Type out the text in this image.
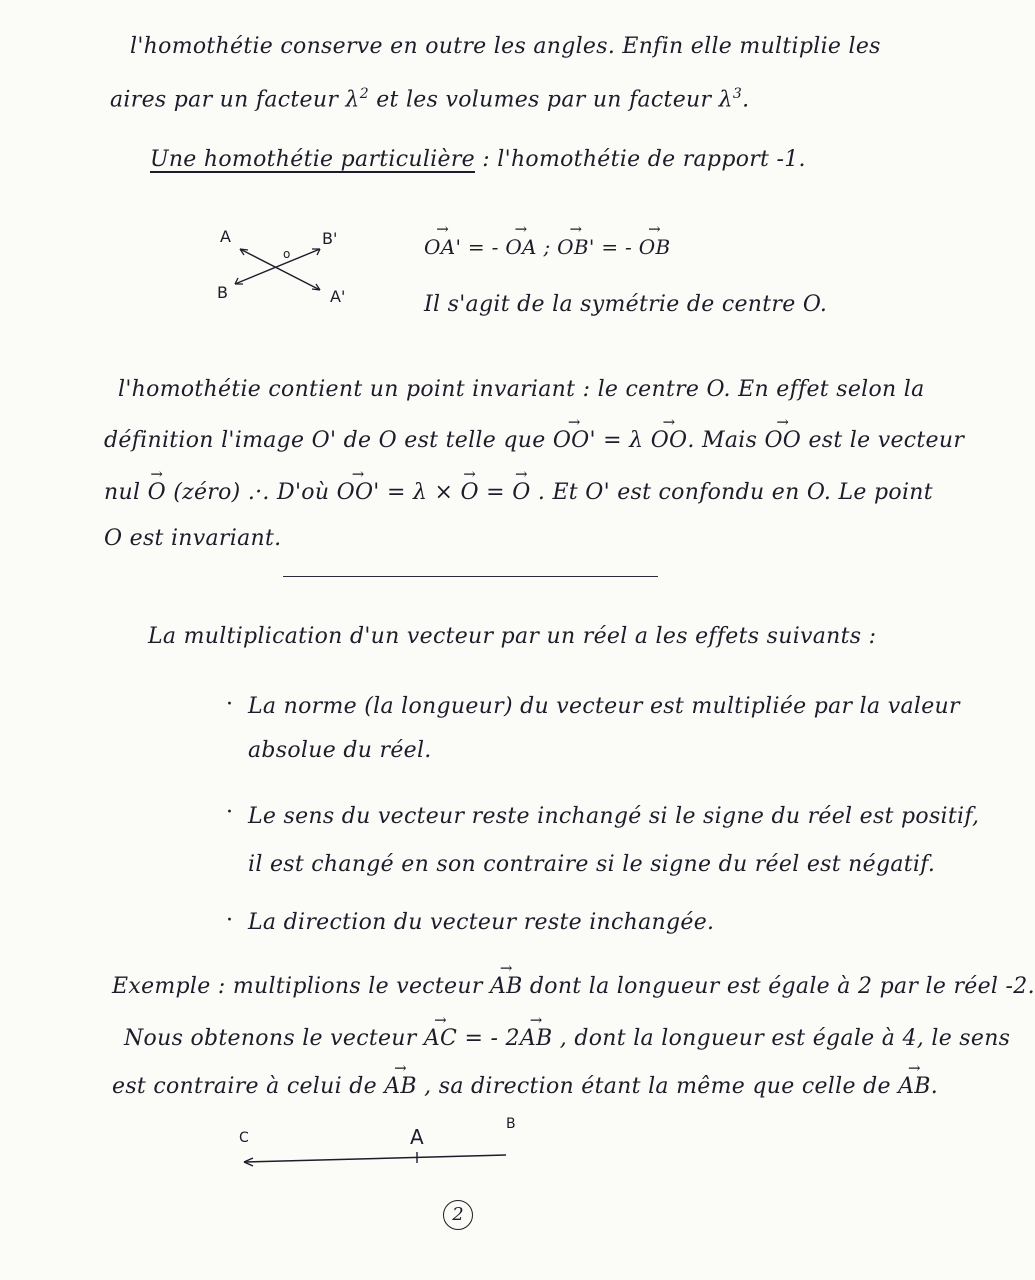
l'homothétie conserve en outre les angles. Enfin elle multiplie les
aires par un facteur $\lambda^2$ et les volumes par un facteur $\lambda^3$.
Une homothétie particulière : l'homothétie de rapport -1.
A
o
B'
B	A'
→ OA' = - → OA ; → OB' = - → OB
Il s'agit de la symétrie de centre O.
l'homothétie contient un point invariant : le centre O. En effet selon la
définition l'image O' de O est telle que → OO' = λ → OO. Mais → OO est le vecteur
nul → O (zéro) .·. D'où → OO' = λ × → O = → O . Et O' est confondu en O. Le point
O est invariant.
La multiplication d'un vecteur par un réel a les effets suivants :
· La norme (la longueur) du vecteur est multipliée par la valeur
absolue du réel.
· Le sens du vecteur reste inchangé si le signe du réel est positif,
il est changé en son contraire si le signe du réel est négatif.
· La direction du vecteur reste inchangée.
Exemple : multiplions le vecteur → AB dont la longueur est égale à 2 par le réel -2.
Nous obtenons le vecteur → AC = - 2→ AB , dont la longueur est égale à 4, le sens
est contraire à celui de → AB , sa direction étant la même que celle de → AB.
C	A
B
2
